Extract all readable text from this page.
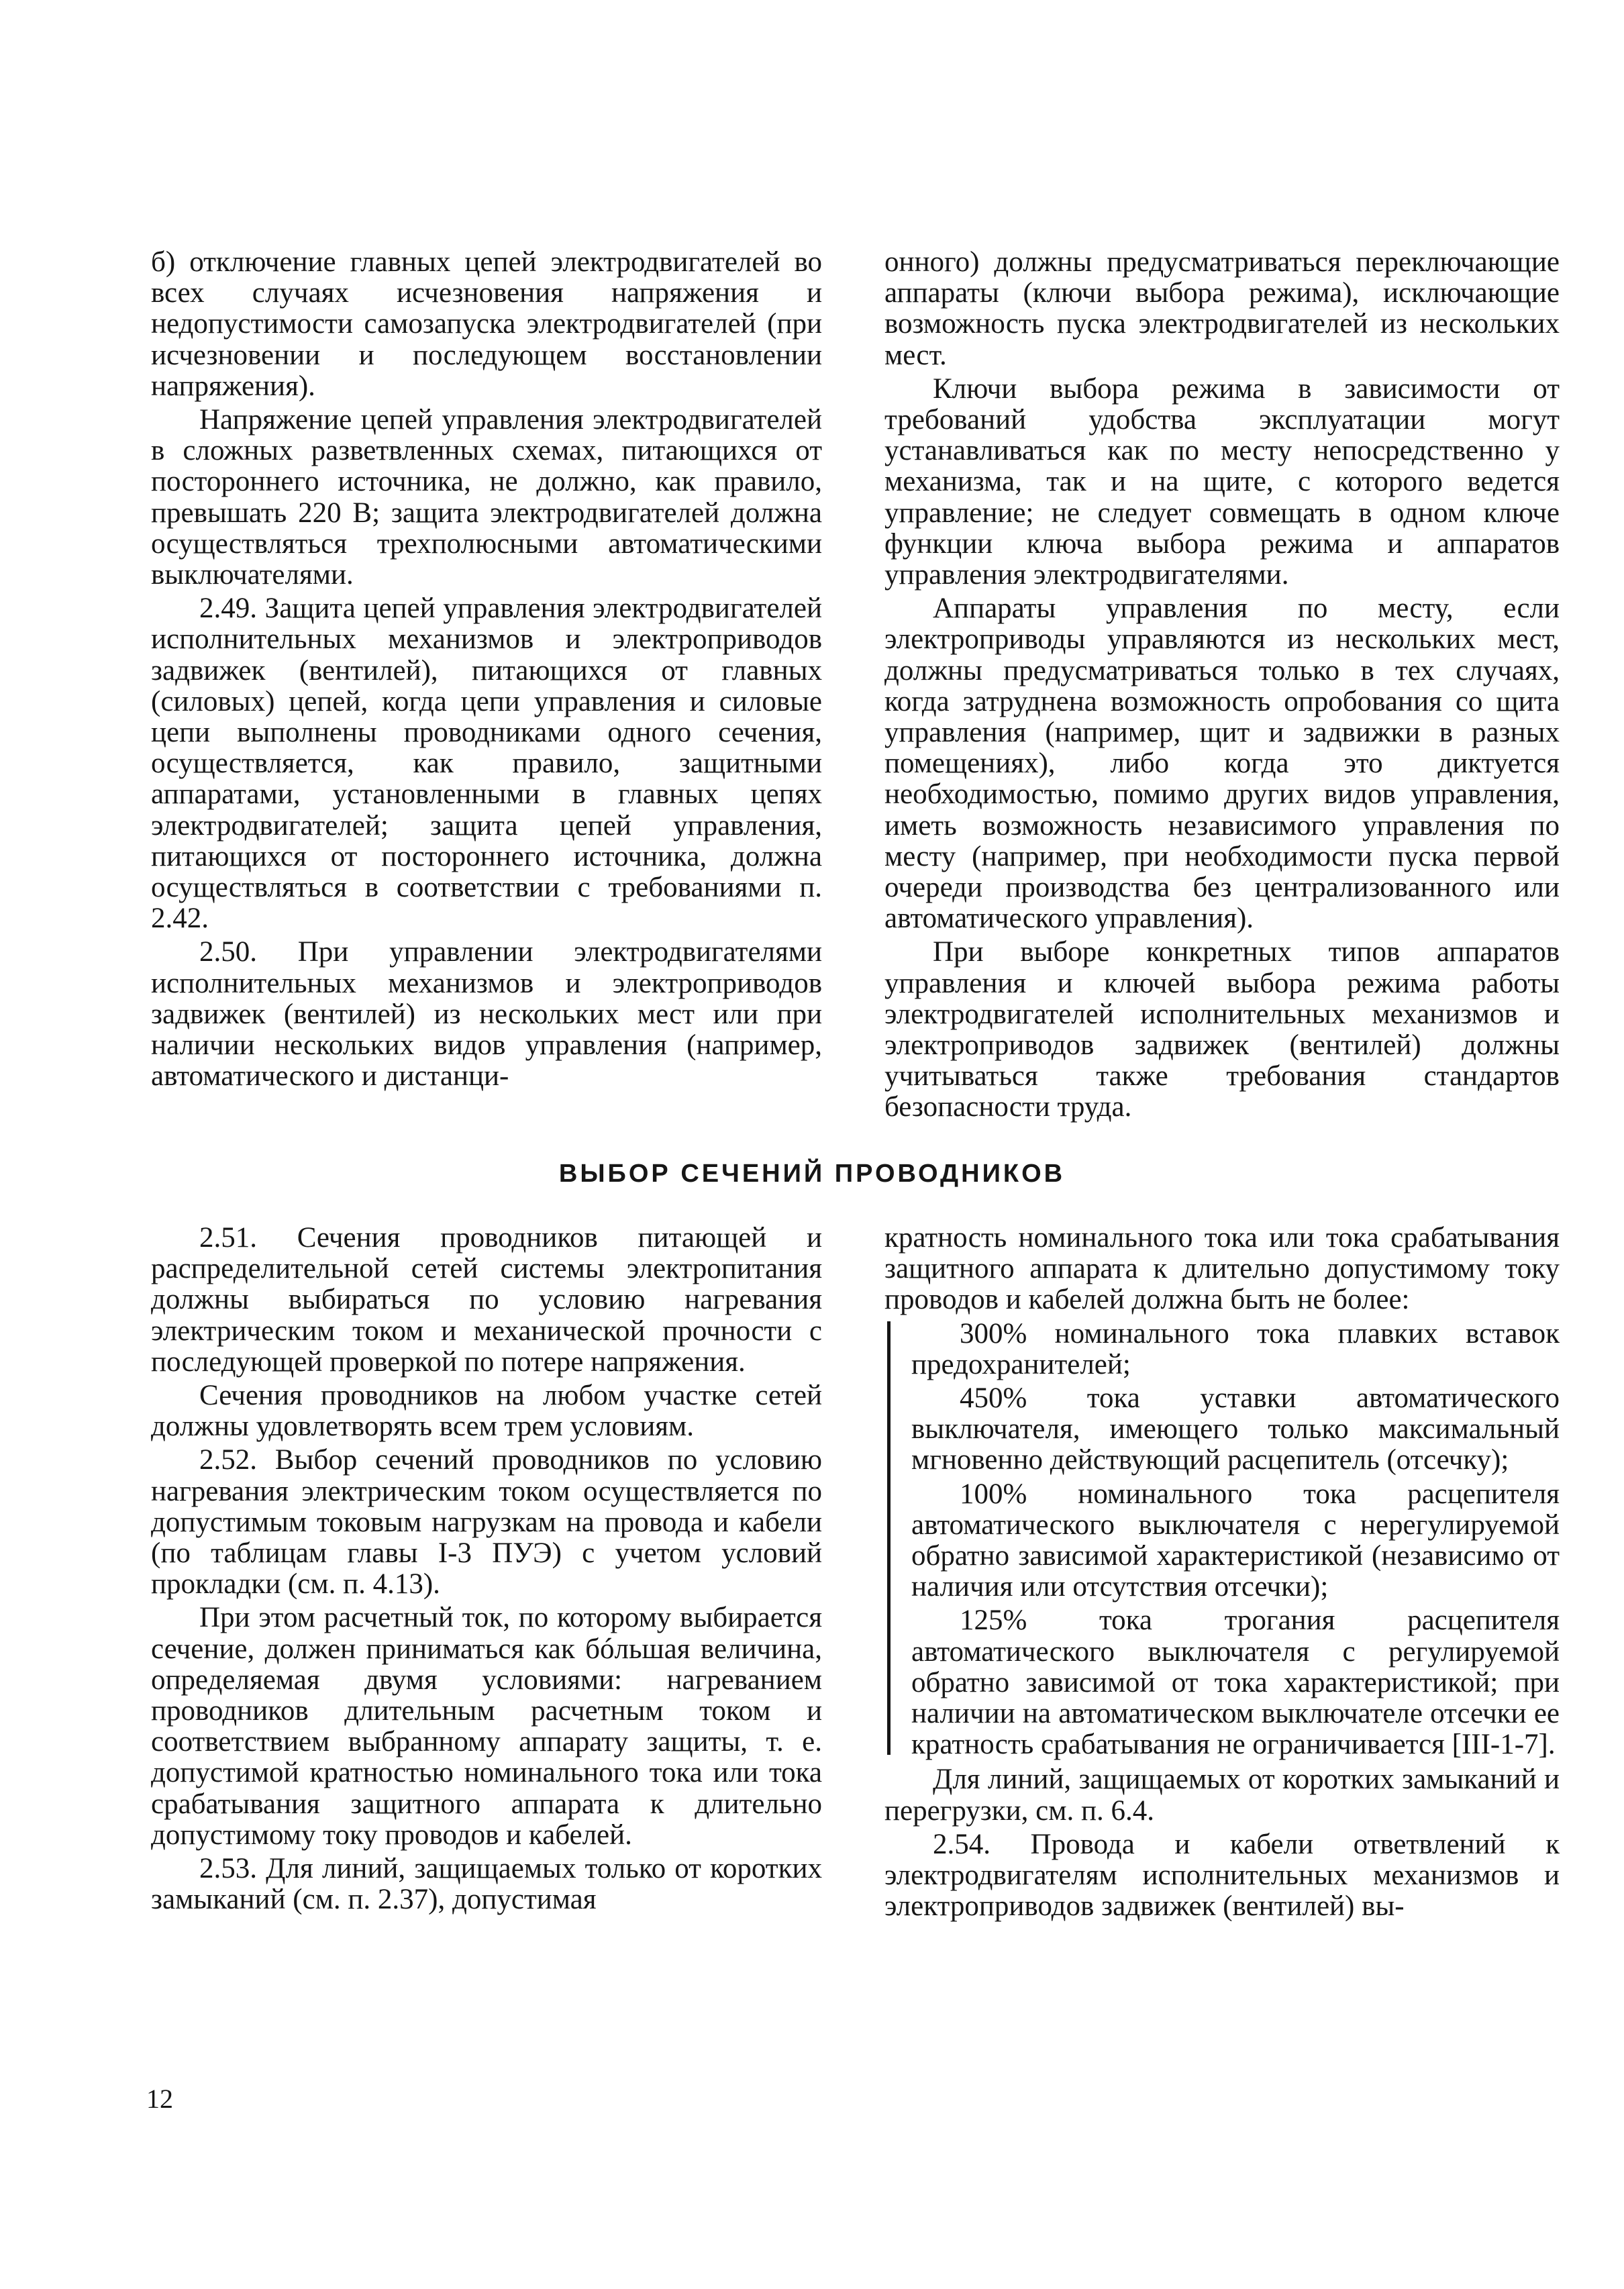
б) отключение главных цепей электродвигателей во всех случаях исчезновения напряжения и недопустимости самозапуска электродвигателей (при исчезновении и последующем восстановлении напряжения).

Напряжение цепей управления электродвигателей в сложных разветвленных схемах, питающихся от постороннего источника, не должно, как правило, превышать 220 В; защита электродвигателей должна осуществляться трехполюсными автоматическими выключателями.

2.49. Защита цепей управления электродвигателей исполнительных механизмов и электроприводов задвижек (вентилей), питающихся от главных (силовых) цепей, когда цепи управления и силовые цепи выполнены проводниками одного сечения, осуществляется, как правило, защитными аппаратами, установленными в главных цепях электродвигателей; защита цепей управления, питающихся от постороннего источника, должна осуществляться в соответствии с требованиями п. 2.42.

2.50. При управлении электродвигателями исполнительных механизмов и электроприводов задвижек (вентилей) из нескольких мест или при наличии нескольких видов управления (например, автоматического и дистанци-

онного) должны предусматриваться переключающие аппараты (ключи выбора режима), исключающие возможность пуска электродвигателей из нескольких мест.

Ключи выбора режима в зависимости от требований удобства эксплуатации могут устанавливаться как по месту непосредственно у механизма, так и на щите, с которого ведется управление; не следует совмещать в одном ключе функции ключа выбора режима и аппаратов управления электродвигателями.

Аппараты управления по месту, если электроприводы управляются из нескольких мест, должны предусматриваться только в тех случаях, когда затруднена возможность опробования со щита управления (например, щит и задвижки в разных помещениях), либо когда это диктуется необходимостью, помимо других видов управления, иметь возможность независимого управления по месту (например, при необходимости пуска первой очереди производства без централизованного или автоматического управления).

При выборе конкретных типов аппаратов управления и ключей выбора режима работы электродвигателей исполнительных механизмов и электроприводов задвижек (вентилей) должны учитываться также требования стандартов безопасности труда.

ВЫБОР СЕЧЕНИЙ ПРОВОДНИКОВ

2.51. Сечения проводников питающей и распределительной сетей системы электропитания должны выбираться по условию нагревания электрическим током и механической прочности с последующей проверкой по потере напряжения.

Сечения проводников на любом участке сетей должны удовлетворять всем трем условиям.

2.52. Выбор сечений проводников по условию нагревания электрическим током осуществляется по допустимым токовым нагрузкам на провода и кабели (по таблицам главы I-3 ПУЭ) с учетом условий прокладки (см. п. 4.13).

При этом расчетный ток, по которому выбирается сечение, должен приниматься как бóльшая величина, определяемая двумя условиями: нагреванием проводников длительным расчетным током и соответствием выбранному аппарату защиты, т. е. допустимой кратностью номинального тока или тока срабатывания защитного аппарата к длительно допустимому току проводов и кабелей.

2.53. Для линий, защищаемых только от коротких замыканий (см. п. 2.37), допустимая

кратность номинального тока или тока срабатывания защитного аппарата к длительно допустимому току проводов и кабелей должна быть не более:

300% номинального тока плавких вставок предохранителей;

450% тока уставки автоматического выключателя, имеющего только максимальный мгновенно действующий расцепитель (отсечку);

100% номинального тока расцепителя автоматического выключателя с нерегулируемой обратно зависимой характеристикой (независимо от наличия или отсутствия отсечки);

125% тока трогания расцепителя автоматического выключателя с регулируемой обратно зависимой от тока характеристикой; при наличии на автоматическом выключателе отсечки ее кратность срабатывания не ограничивается [III-1-7].

Для линий, защищаемых от коротких замыканий и перегрузки, см. п. 6.4.

2.54. Провода и кабели ответвлений к электродвигателям исполнительных механизмов и электроприводов задвижек (вентилей) вы-

12
